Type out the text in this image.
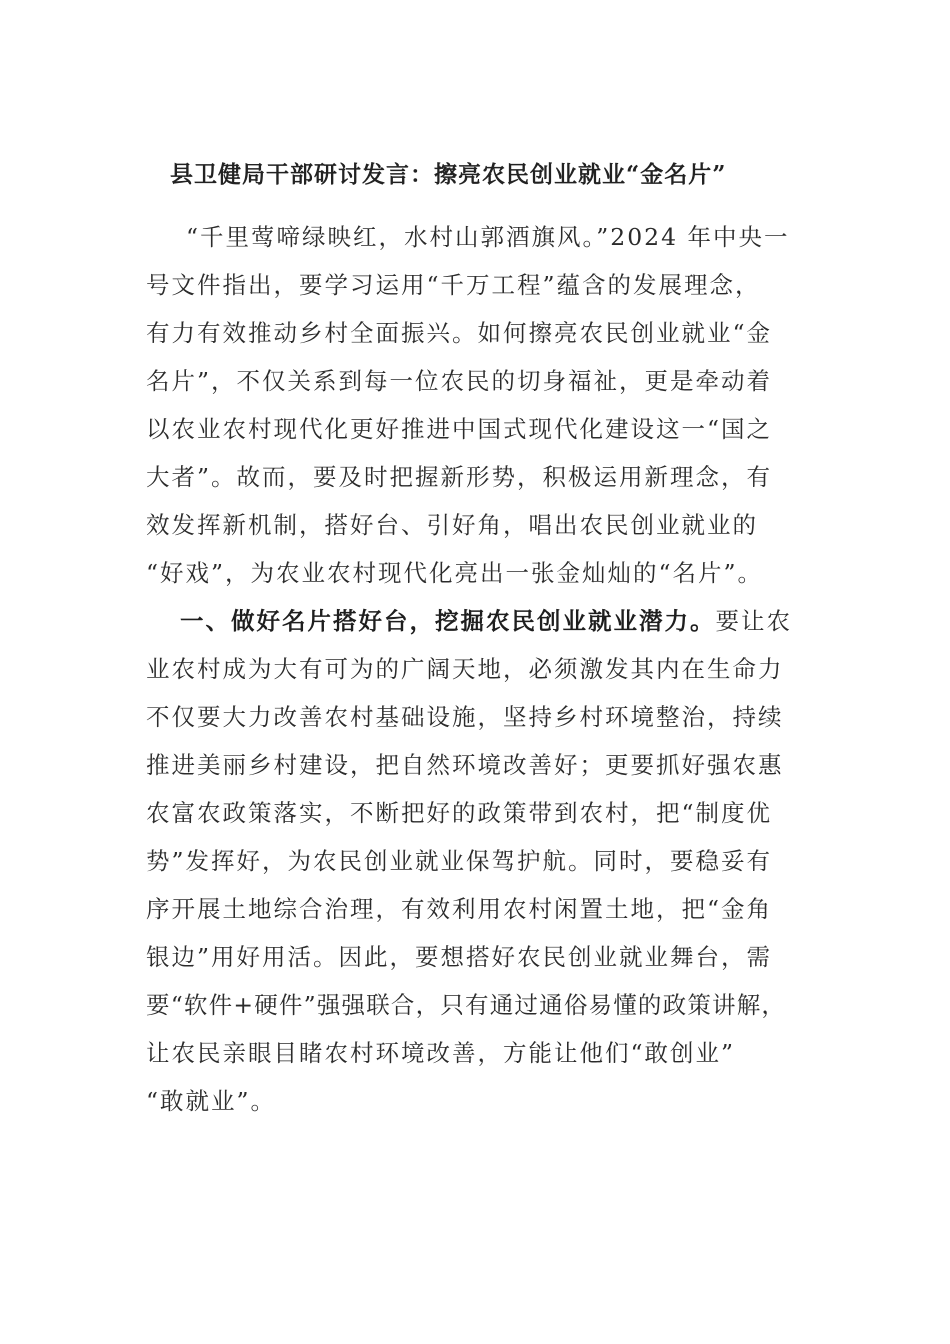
县卫健局干部研讨发言：擦亮农民创业就业“金名片”
“千里莺啼绿映红，水村山郭酒旗风。”2024 年中央一
号文件指出，要学习运用“千万工程”蕴含的发展理念，
有力有效推动乡村全面振兴。如何擦亮农民创业就业“金
名片”，不仅关系到每一位农民的切身福祉，更是牵动着
以农业农村现代化更好推进中国式现代化建设这一“国之
大者”。故而，要及时把握新形势，积极运用新理念，有
效发挥新机制，搭好台、引好角，唱出农民创业就业的
“好戏”，为农业农村现代化亮出一张金灿灿的“名片”。
一、做好名片搭好台，挖掘农民创业就业潜力。要让农
业农村成为大有可为的广阔天地，必须激发其内在生命力
不仅要大力改善农村基础设施，坚持乡村环境整治，持续
推进美丽乡村建设，把自然环境改善好；更要抓好强农惠
农富农政策落实，不断把好的政策带到农村，把“制度优
势”发挥好，为农民创业就业保驾护航。同时，要稳妥有
序开展土地综合治理，有效利用农村闲置土地，把“金角
银边”用好用活。因此，要想搭好农民创业就业舞台，需
要“软件+硬件”强强联合，只有通过通俗易懂的政策讲解，
让农民亲眼目睹农村环境改善，方能让他们“敢创业”
“敢就业”。
